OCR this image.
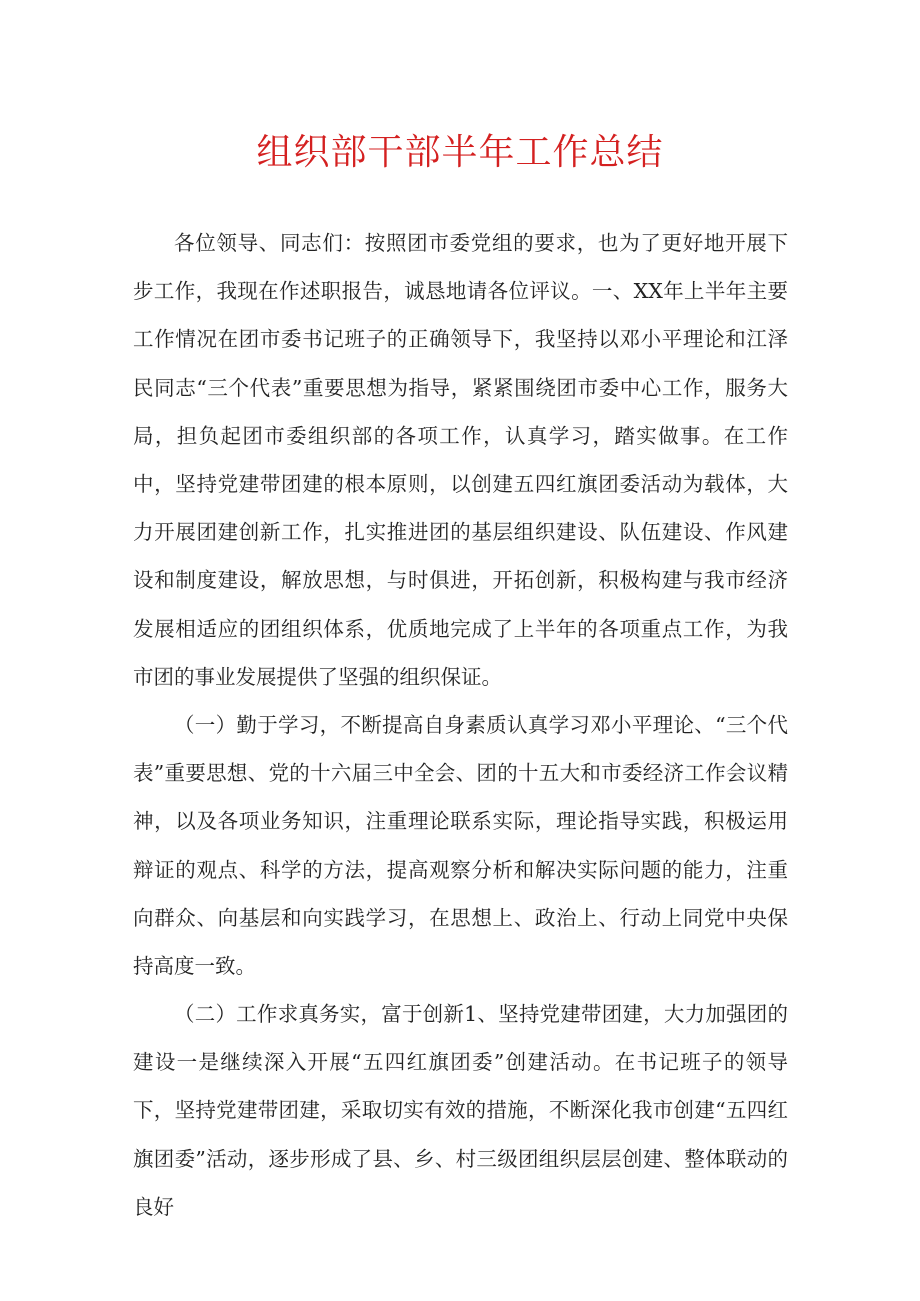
组织部干部半年工作总结

各位领导、同志们：按照团市委党组的要求，也为了更好地开展下步工作，我现在作述职报告，诚恳地请各位评议。一、XX年上半年主要工作情况在团市委书记班子的正确领导下，我坚持以邓小平理论和江泽民同志“三个代表”重要思想为指导，紧紧围绕团市委中心工作，服务大局，担负起团市委组织部的各项工作，认真学习，踏实做事。在工作中，坚持党建带团建的根本原则，以创建五四红旗团委活动为载体，大力开展团建创新工作，扎实推进团的基层组织建设、队伍建设、作风建设和制度建设，解放思想，与时俱进，开拓创新，积极构建与我市经济发展相适应的团组织体系，优质地完成了上半年的各项重点工作，为我市团的事业发展提供了坚强的组织保证。

（一）勤于学习，不断提高自身素质认真学习邓小平理论、“三个代表”重要思想、党的十六届三中全会、团的十五大和市委经济工作会议精神，以及各项业务知识，注重理论联系实际，理论指导实践，积极运用辩证的观点、科学的方法，提高观察分析和解决实际问题的能力，注重向群众、向基层和向实践学习，在思想上、政治上、行动上同党中央保持高度一致。

（二）工作求真务实，富于创新1、坚持党建带团建，大力加强团的建设一是继续深入开展“五四红旗团委”创建活动。在书记班子的领导下，坚持党建带团建，采取切实有效的措施，不断深化我市创建“五四红旗团委”活动，逐步形成了县、乡、村三级团组织层层创建、整体联动的良好
